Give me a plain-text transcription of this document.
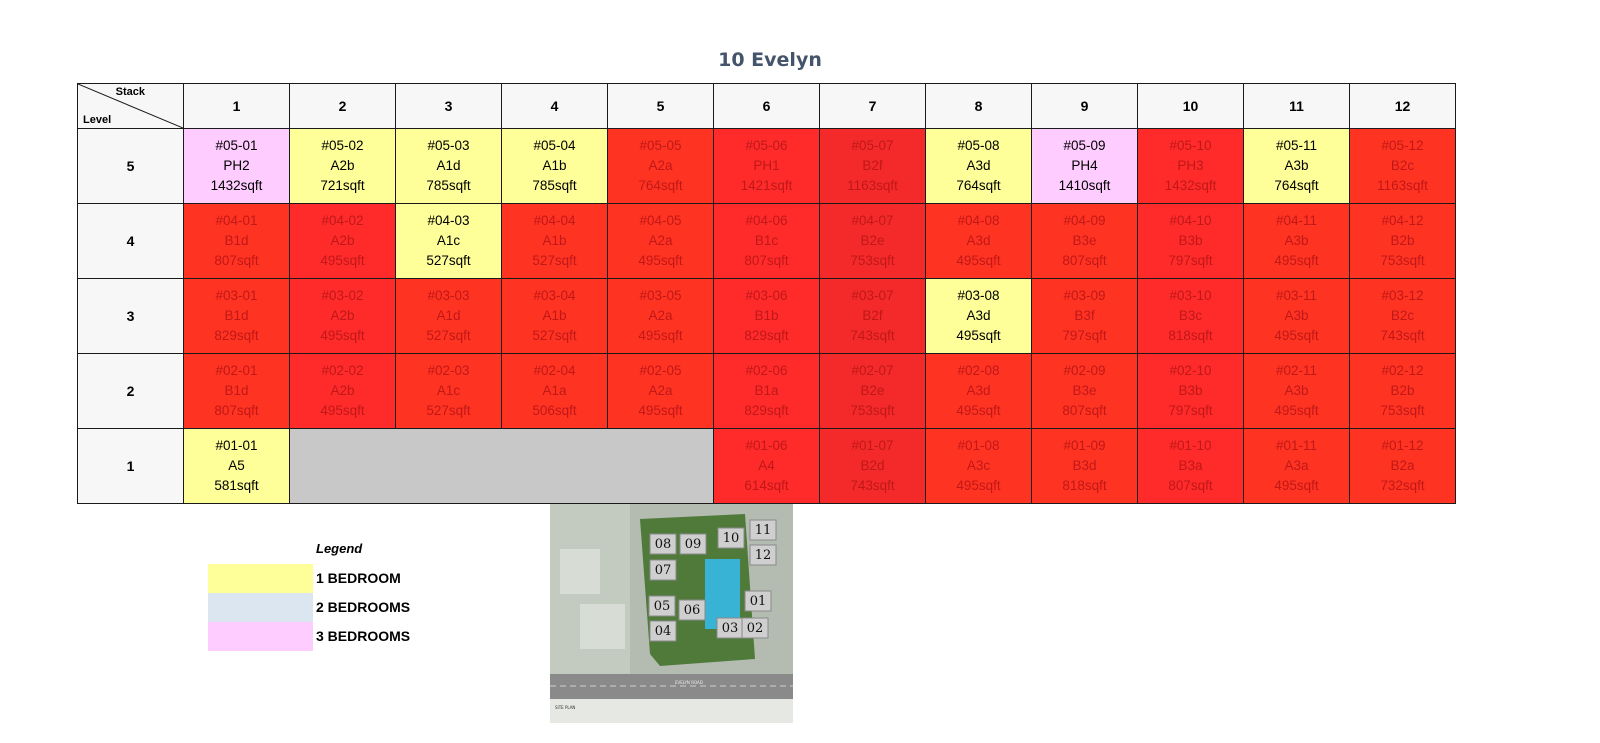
10 Evelyn
Stack
Level	1	2	3	4	5	6	7	8	9	10	11	12
5	#05-01
PH2
1432sqft	#05-02
A2b
721sqft	#05-03
A1d
785sqft	#05-04
A1b
785sqft	#05-05
A2a
764sqft	#05-06
PH1
1421sqft	#05-07
B2f
1163sqft	#05-08
A3d
764sqft	#05-09
PH4
1410sqft	#05-10
PH3
1432sqft	#05-11
A3b
764sqft	#05-12
B2c
1163sqft

4	#04-01
B1d
807sqft	#04-02
A2b
495sqft	#04-03
A1c
527sqft	#04-04
A1b
527sqft	#04-05
A2a
495sqft	#04-06
B1c
807sqft	#04-07
B2e
753sqft	#04-08
A3d
495sqft	#04-09
B3e
807sqft	#04-10
B3b
797sqft	#04-11
A3b
495sqft	#04-12
B2b
753sqft

3	#03-01
B1d
829sqft	#03-02
A2b
495sqft	#03-03
A1d
527sqft	#03-04
A1b
527sqft	#03-05
A2a
495sqft	#03-06
B1b
829sqft	#03-07
B2f
743sqft	#03-08
A3d
495sqft	#03-09
B3f
797sqft	#03-10
B3c
818sqft	#03-11
A3b
495sqft	#03-12
B2c
743sqft

2	#02-01
B1d
807sqft	#02-02
A2b
495sqft	#02-03
A1c
527sqft	#02-04
A1a
506sqft	#02-05
A2a
495sqft	#02-06
B1a
829sqft	#02-07
B2e
753sqft	#02-08
A3d
495sqft	#02-09
B3e
807sqft	#02-10
B3b
797sqft	#02-11
A3b
495sqft	#02-12
B2b
753sqft

1	#01-01
A5
581sqft					#01-06
A4
614sqft	#01-07
B2d
743sqft	#01-08
A3c
495sqft	#01-09
B3d
818sqft	#01-10
B3a
807sqft	#01-11
A3a
495sqft	#01-12
B2a
732sqft
Legend
1 BEDROOM
2 BEDROOMS
3 BEDROOMS
08 09 10
11
12
07
05 06
01
04	03 02
EVELYN ROAD
SITE PLAN
